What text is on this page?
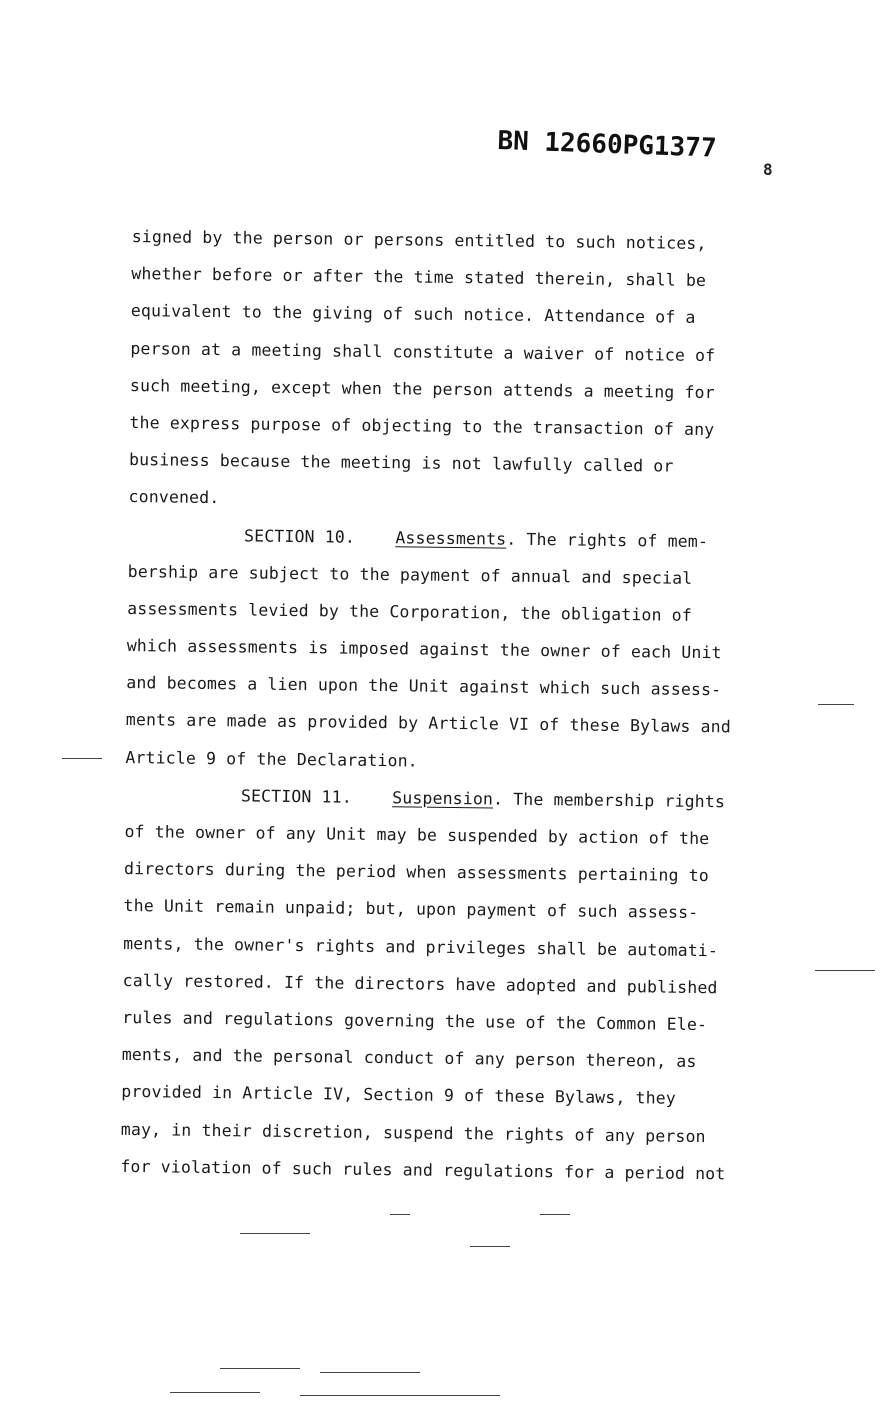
BN 12660PG1377
8
signed by the person or persons entitled to such notices,
whether before or after the time stated therein, shall be
equivalent to the giving of such notice. Attendance of a
person at a meeting shall constitute a waiver of notice of
such meeting, except when the person attends a meeting for
the express purpose of objecting to the transaction of any
business because the meeting is not lawfully called or
convened.
SECTION 10. Assessments. The rights of mem-
bership are subject to the payment of annual and special
assessments levied by the Corporation, the obligation of
which assessments is imposed against the owner of each Unit
and becomes a lien upon the Unit against which such assess-
ments are made as provided by Article VI of these Bylaws and
Article 9 of the Declaration.
SECTION 11. Suspension. The membership rights
of the owner of any Unit may be suspended by action of the
directors during the period when assessments pertaining to
the Unit remain unpaid; but, upon payment of such assess-
ments, the owner's rights and privileges shall be automati-
cally restored. If the directors have adopted and published
rules and regulations governing the use of the Common Ele-
ments, and the personal conduct of any person thereon, as
provided in Article IV, Section 9 of these Bylaws, they
may, in their discretion, suspend the rights of any person
for violation of such rules and regulations for a period not
